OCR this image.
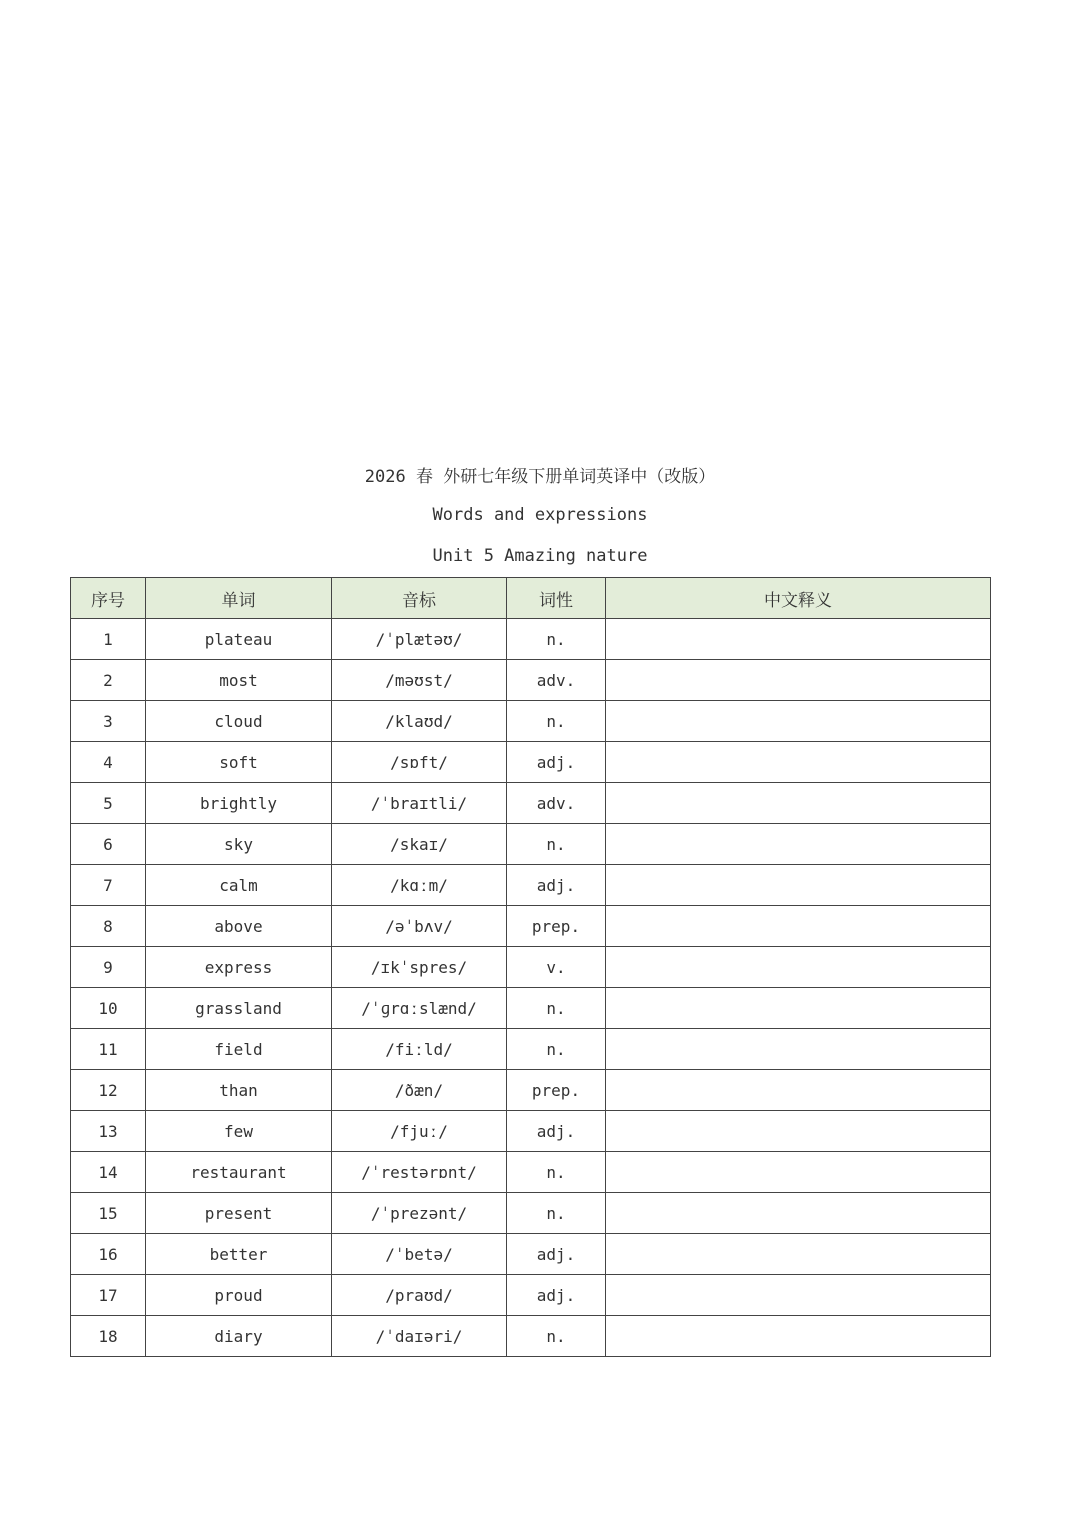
2026 春 外研七年级下册单词英译中（改版）
Words and expressions
Unit 5 Amazing nature
序号	单词	音标	词性	中文释义
1	plateau	/ˈplætəʊ/	n.	
2	most	/məʊst/	adv.	
3	cloud	/klaʊd/	n.	
4	soft	/sɒft/	adj.	
5	brightly	/ˈbraɪtli/	adv.	
6	sky	/skaɪ/	n.	
7	calm	/kɑːm/	adj.	
8	above	/əˈbʌv/	prep.	
9	express	/ɪkˈspres/	v.	
10	grassland	/ˈɡrɑːslænd/	n.	
11	field	/fiːld/	n.	
12	than	/ðæn/	prep.	
13	few	/fjuː/	adj.	
14	restaurant	/ˈrestərɒnt/	n.	
15	present	/ˈprezənt/	n.	
16	better	/ˈbetə/	adj.	
17	proud	/praʊd/	adj.	
18	diary	/ˈdaɪəri/	n.	
